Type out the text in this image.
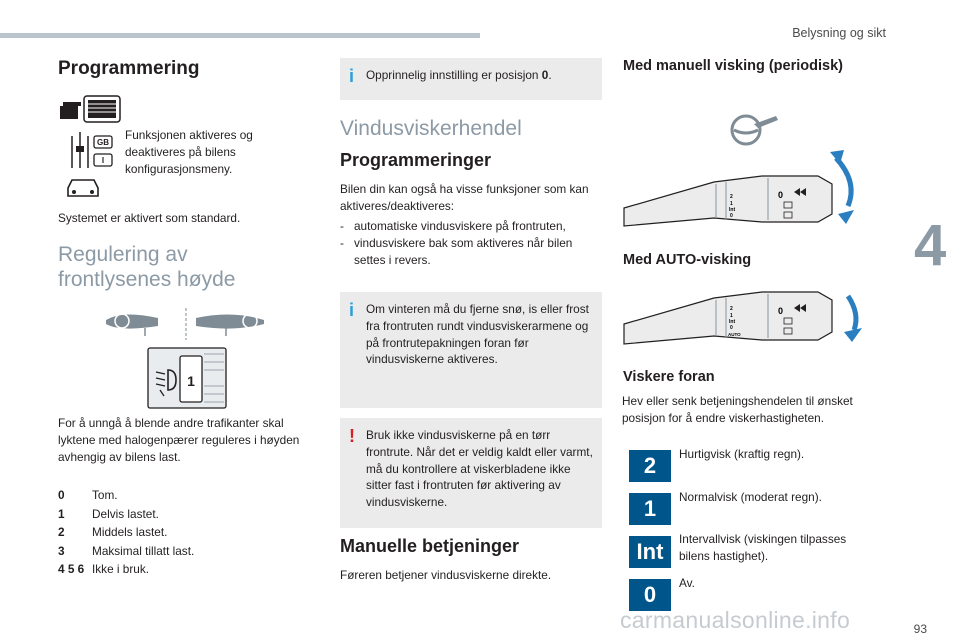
Belysning og sikt
4
Programmering
GB
I

Funksjonen aktiveres og deaktiveres på bilens konfigurasjonsmeny.

Systemet er aktivert som standard.

Regulering av
frontlysenes høyde
1

For å unngå å blende andre trafikanter skal lyktene med halogenpærer reguleres i høyden avhengig av bilens last.

0	Tom.
1	Delvis lastet.
2	Middels lastet.
3	Maksimal tillatt last.
4 5 6 Ikke i bruk.
i Opprinnelig innstilling er posisjon 0.
Vindusviskerhendel
Programmeringer

Bilen din kan også ha visse funksjoner som kan aktiveres/deaktiveres:

- automatiske vindusviskere på frontruten,
- vindusviskere bak som aktiveres når bilen settes i revers.
i Om vinteren må du fjerne snø, is eller frost fra frontruten rundt vindusviskerarmene og på frontrutepakningen foran før vindusviskerne aktiveres.
! Bruk ikke vindusviskerne på en tørr frontrute. Når det er veldig kaldt eller varmt, må du kontrollere at viskerbladene ikke sitter fast i frontruten før aktivering av vindusviskerne.
Manuelle betjeninger

Føreren betjener vindusviskerne direkte.

Med manuell visking (periodisk)
2
1
Int
0
0
Med AUTO-visking
2
1
Int
0
AUTO
0
Viskere foran

Hev eller senk betjeningshendelen til ønsket posisjon for å endre viskerhastigheten.

2	Hurtigvisk (kraftig regn).

1	Normalvisk (moderat regn).

Int	Intervallvisk (viskingen tilpasses bilens hastighet).

0	Av.

carmanualsonline.info	93
